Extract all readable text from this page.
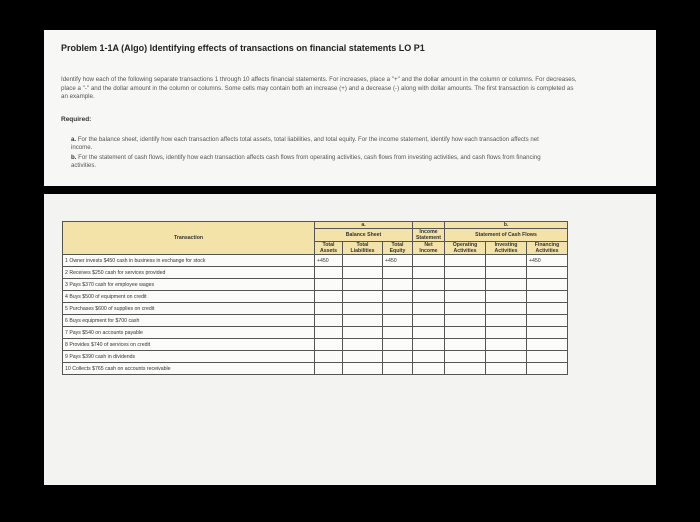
Problem 1-1A (Algo) Identifying effects of transactions on financial statements LO P1
Identify how each of the following separate transactions 1 through 10 affects financial statements. For increases, place a "+" and the dollar amount in the column or columns. For decreases, place a "-" and the dollar amount in the column or columns. Some cells may contain both an increase (+) and a decrease (-) along with dollar amounts. The first transaction is completed as an example.
Required:
a. For the balance sheet, identify how each transaction affects total assets, total liabilities, and total equity. For the income statement, identify how each transaction affects net income.
b. For the statement of cash flows, identify how each transaction affects cash flows from operating activities, cash flows from investing activities, and cash flows from financing activities.
Transaction	a.				b.		
	Balance Sheet			Income Statement	Statement of Cash Flows		
	Total Assets	Total Liabilities	Total Equity	Net Income	Operating Activities	Investing Activities	Financing Activities
1 Owner invests $450 cash in business in exchange for stock	+450		+450				+450
2 Receives $250 cash for services provided							
3 Pays $370 cash for employee wages							
4 Buys $500 of equipment on credit							
5 Purchases $600 of supplies on credit							
6 Buys equipment for $700 cash							
7 Pays $540 on accounts payable							
8 Provides $740 of services on credit							
9 Pays $390 cash in dividends							
10 Collects $765 cash on accounts receivable							
